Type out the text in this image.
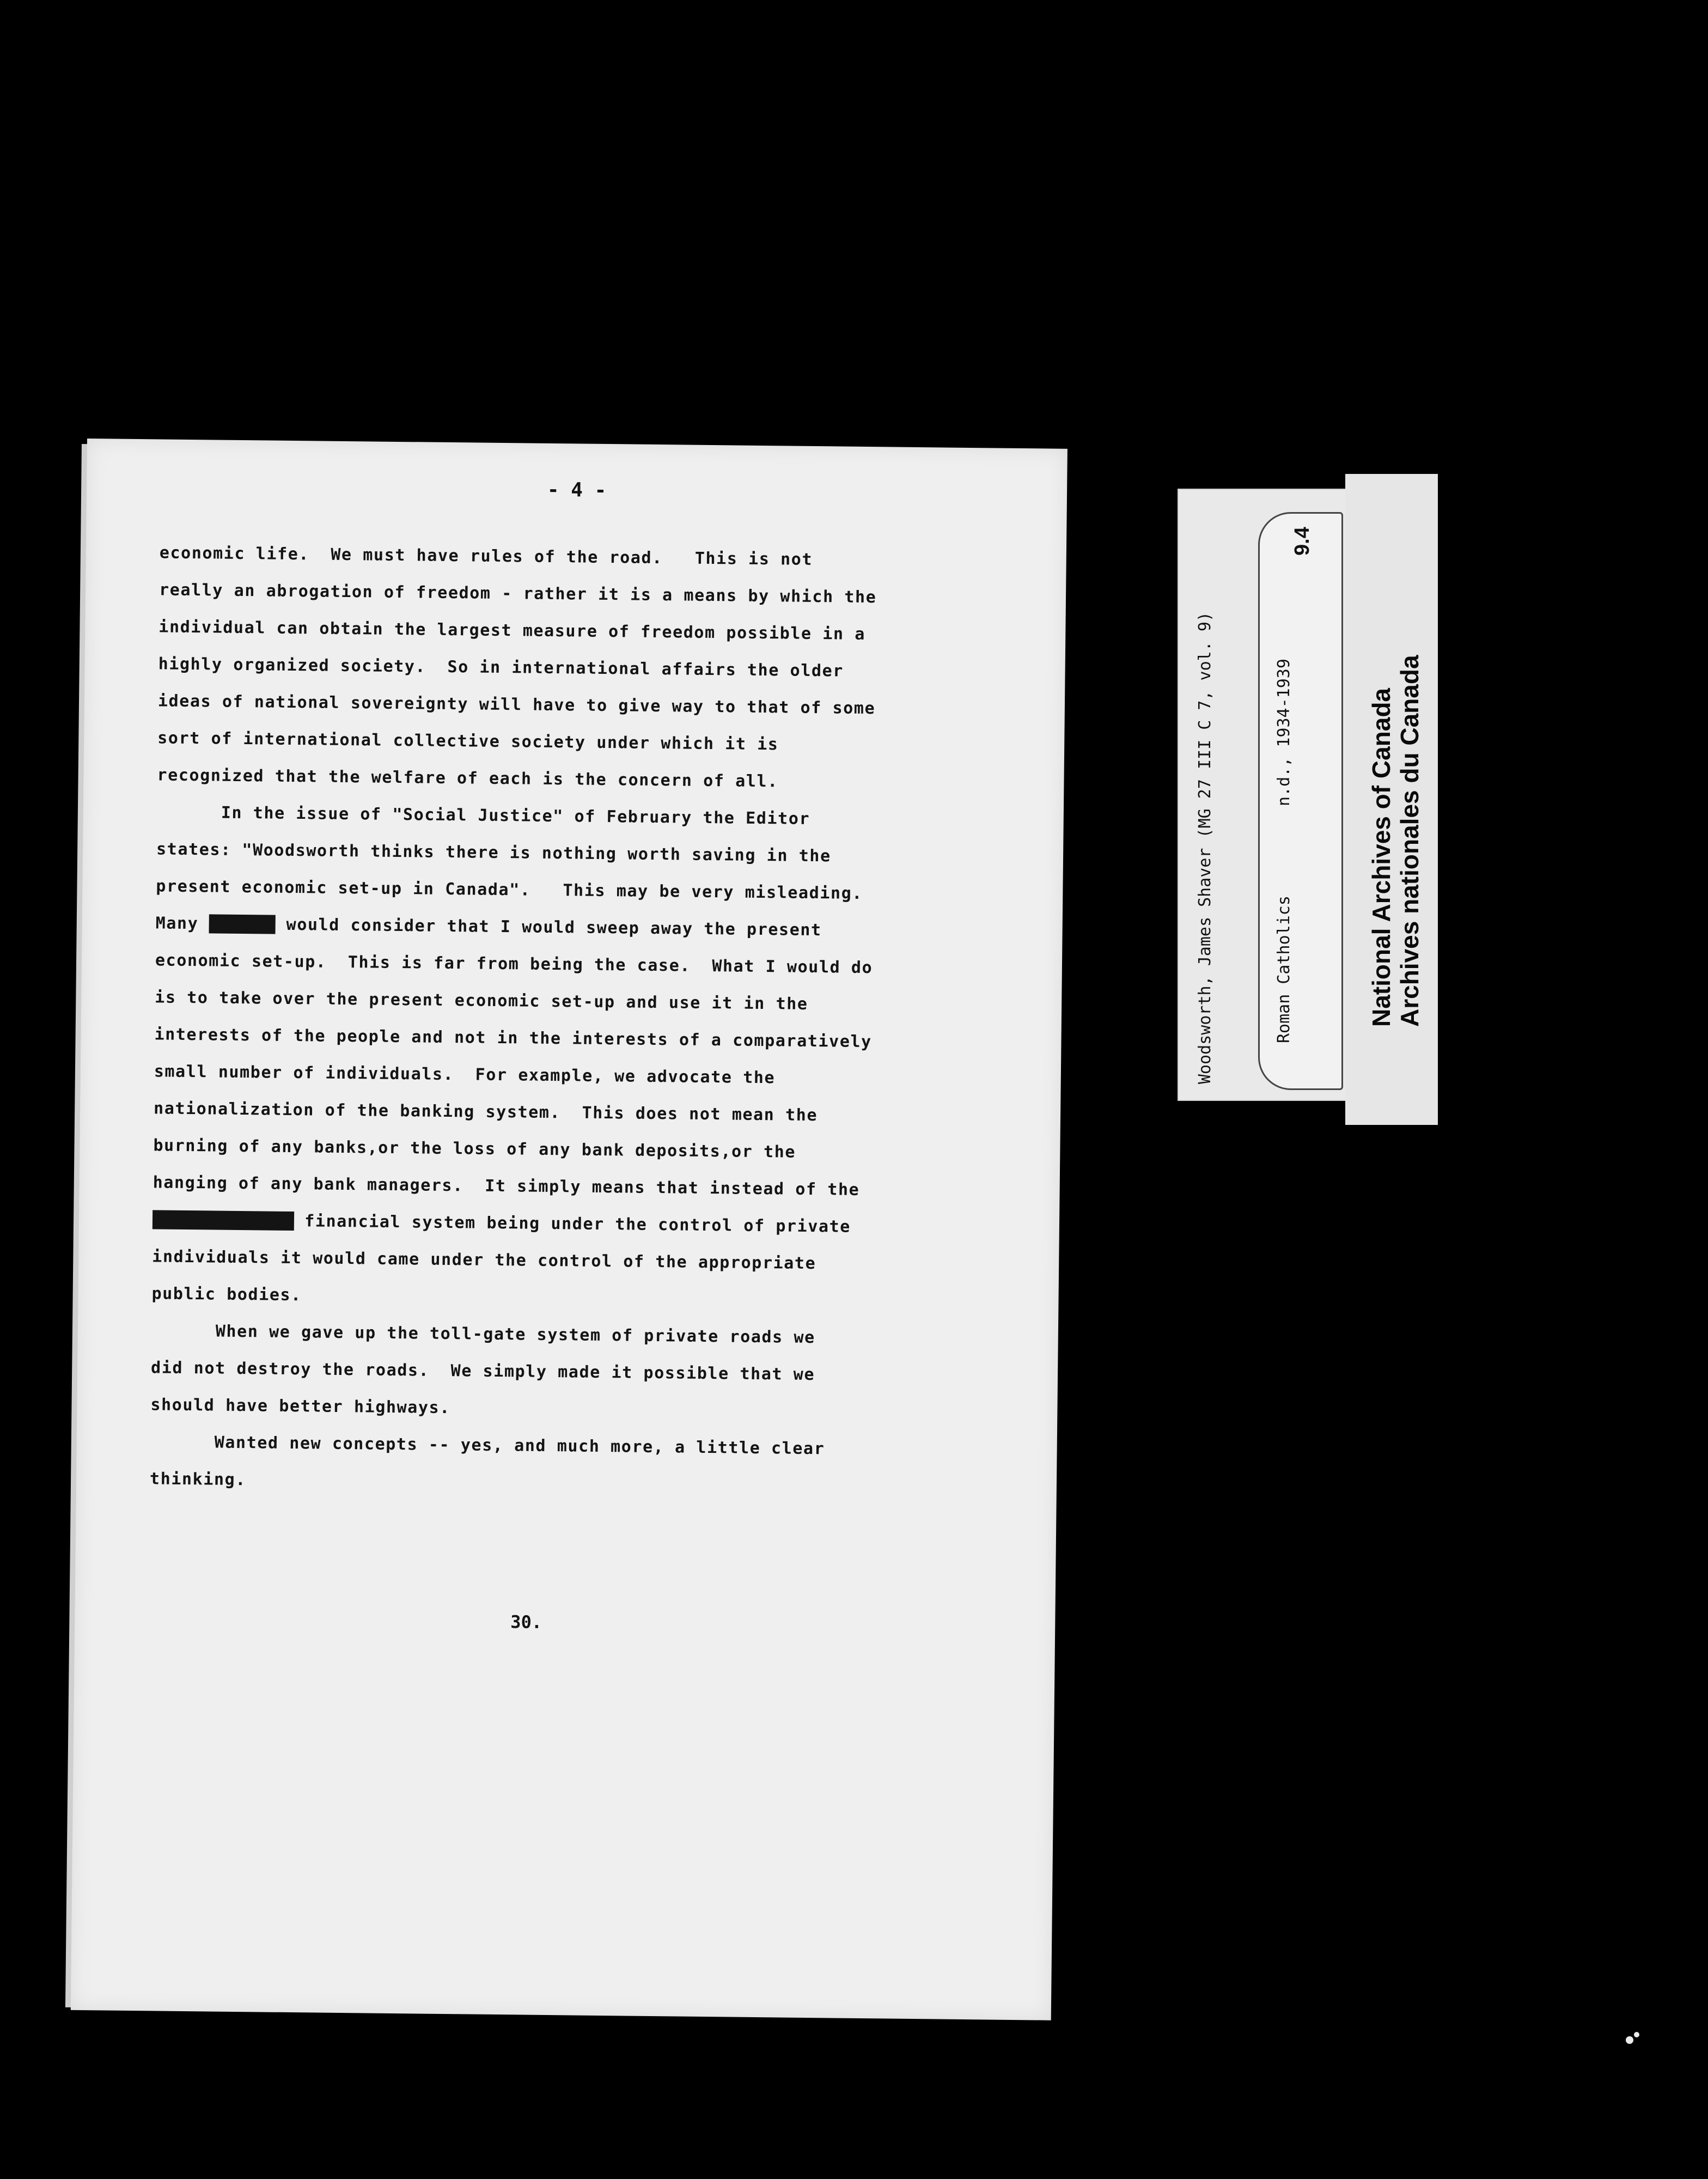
- 4 -

economic life.  We must have rules of the road.   This is not

really an abrogation of freedom - rather it is a means by which the

individual can obtain the largest measure of freedom possible in a

highly organized society.  So in international affairs the older

ideas of national sovereignty will have to give way to that of some

sort of international collective society under which it is

recognized that the welfare of each is the concern of all.

In the issue of "Social Justice" of February the Editor

states: "Woodsworth thinks there is nothing worth saving in the

present economic set-up in Canada".   This may be very misleading.

Many afxkkx would consider that I would sweep away the present

economic set-up.  This is far from being the case.  What I would do

is to take over the present economic set-up and use it in the

interests of the people and not in the interests of a comparatively

small number of individuals.  For example, we advocate the

nationalization of the banking system.  This does not mean the

burning of any banks,or the loss of any bank deposits,or the

hanging of any bank managers.  It simply means that instead of the

xyxtxmxafxtkx financial system being under the control of private

individuals it would came under the control of the appropriate

public bodies.

When we gave up the toll-gate system of private roads we

did not destroy the roads.  We simply made it possible that we

should have better highways.

Wanted new concepts -- yes, and much more, a little clear

thinking.

30.
Woodsworth, James Shaver (MG 27 III C 7, vol. 9)	Roman Catholics
n.d., 1934-1939
9.4
National Archives of Canada Archives nationales du Canada
